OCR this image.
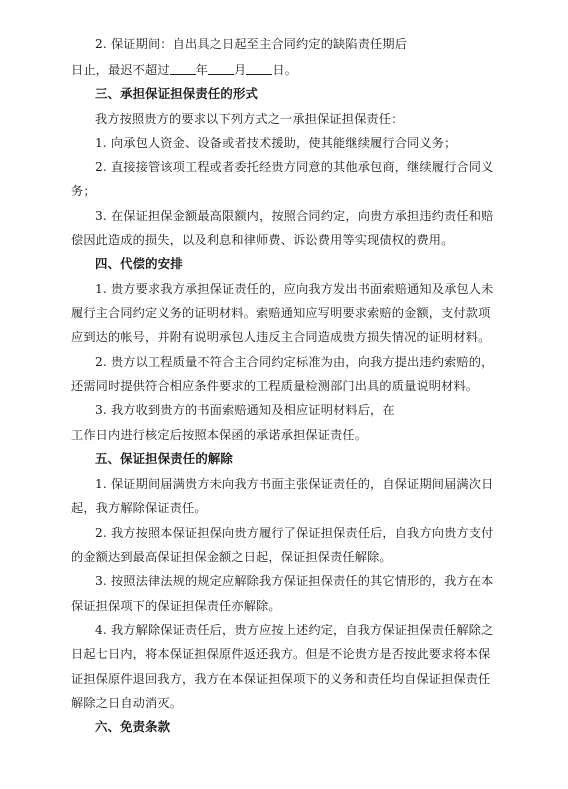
2. 保证期间：自出具之日起至主合同约定的缺陷责任期后
日止，最迟不超过 年 月 日。
三、承担保证担保责任的形式
我方按照贵方的要求以下列方式之一承担保证担保责任：
1. 向承包人资金、设备或者技术援助，使其能继续履行合同义务；
2. 直接接管该项工程或者委托经贵方同意的其他承包商，继续履行合同义
务；
3. 在保证担保金额最高限额内，按照合同约定，向贵方承担违约责任和赔
偿因此造成的损失，以及利息和律师费、诉讼费用等实现债权的费用。
四、代偿的安排
1. 贵方要求我方承担保证责任的，应向我方发出书面索赔通知及承包人未
履行主合同约定义务的证明材料。索赔通知应写明要求索赔的金额，支付款项
应到达的帐号，并附有说明承包人违反主合同造成贵方损失情况的证明材料。
2. 贵方以工程质量不符合主合同约定标准为由，向我方提出违约索赔的，
还需同时提供符合相应条件要求的工程质量检测部门出具的质量说明材料。
3. 我方收到贵方的书面索赔通知及相应证明材料后，在
工作日内进行核定后按照本保函的承诺承担保证责任。
五、保证担保责任的解除
1. 保证期间届满贵方未向我方书面主张保证责任的，自保证期间届满次日
起，我方解除保证责任。
2. 我方按照本保证担保向贵方履行了保证担保责任后，自我方向贵方支付
的金额达到最高保证担保金额之日起，保证担保责任解除。
3. 按照法律法规的规定应解除我方保证担保责任的其它情形的，我方在本
保证担保项下的保证担保责任亦解除。
4. 我方解除保证责任后，贵方应按上述约定，自我方保证担保责任解除之
日起七日内，将本保证担保原件返还我方。但是不论贵方是否按此要求将本保
证担保原件退回我方，我方在本保证担保项下的义务和责任均自保证担保责任
解除之日自动消灭。
六、免责条款
